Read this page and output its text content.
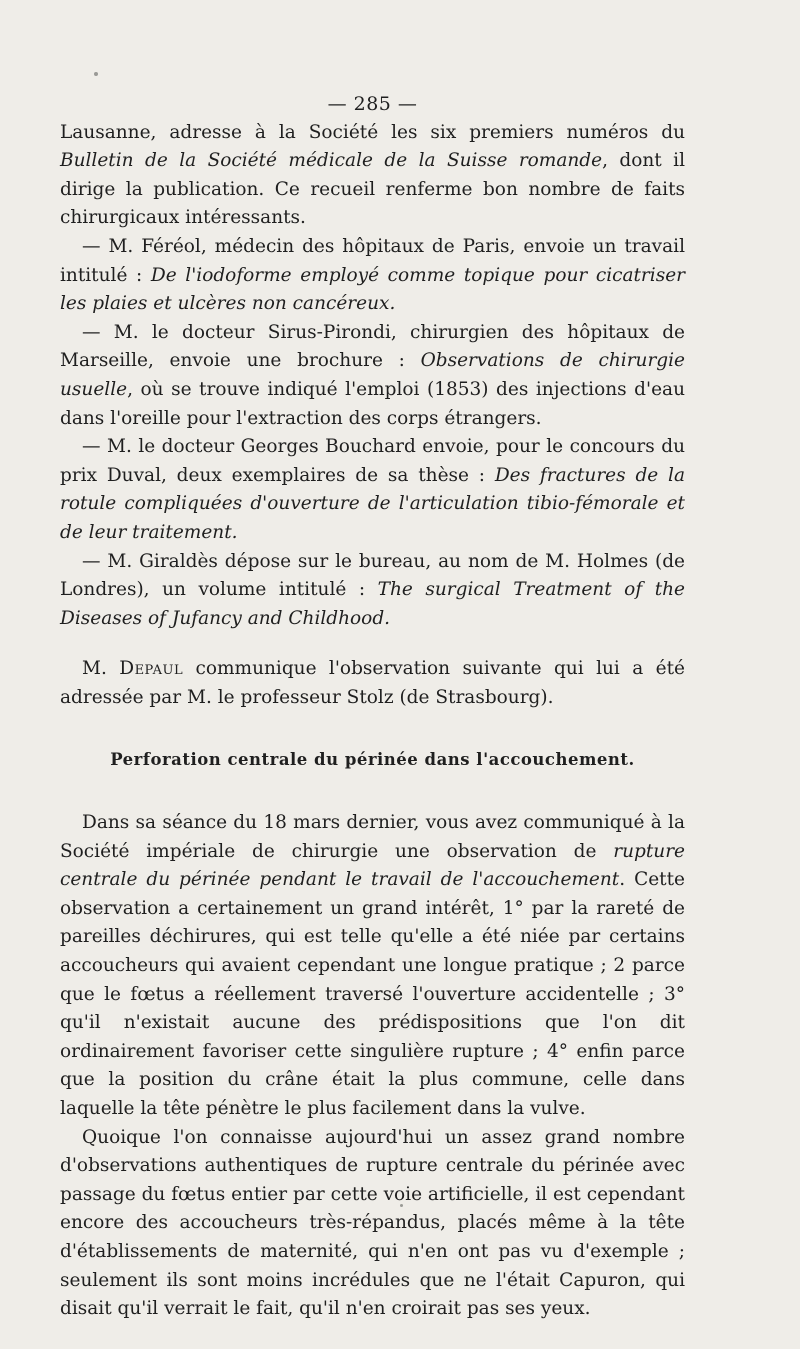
— 285 —

Lausanne, adresse à la Société les six premiers numéros du Bulletin de la Société médicale de la Suisse romande, dont il dirige la publication. Ce recueil renferme bon nombre de faits chirurgicaux intéressants.

— M. Féréol, médecin des hôpitaux de Paris, envoie un travail intitulé : De l'iodoforme employé comme topique pour cicatriser les plaies et ulcères non cancéreux.

— M. le docteur Sirus-Pirondi, chirurgien des hôpitaux de Marseille, envoie une brochure : Observations de chirurgie usuelle, où se trouve indiqué l'emploi (1853) des injections d'eau dans l'oreille pour l'extraction des corps étrangers.

— M. le docteur Georges Bouchard envoie, pour le concours du prix Duval, deux exemplaires de sa thèse : Des fractures de la rotule compliquées d'ouverture de l'articulation tibio-fémorale et de leur traitement.

— M. Giraldès dépose sur le bureau, au nom de M. Holmes (de Londres), un volume intitulé : The surgical Treatment of the Diseases of Jufancy and Childhood.

M. Depaul communique l'observation suivante qui lui a été adressée par M. le professeur Stolz (de Strasbourg).

Perforation centrale du périnée dans l'accouchement.

Dans sa séance du 18 mars dernier, vous avez communiqué à la Société impériale de chirurgie une observation de rupture centrale du périnée pendant le travail de l'accouchement. Cette observation a certainement un grand intérêt, 1° par la rareté de pareilles déchirures, qui est telle qu'elle a été niée par certains accoucheurs qui avaient cependant une longue pratique ; 2 parce que le fœtus a réellement traversé l'ouverture accidentelle ; 3° qu'il n'existait aucune des prédispositions que l'on dit ordinairement favoriser cette singulière rupture ; 4° enfin parce que la position du crâne était la plus commune, celle dans laquelle la tête pénètre le plus facilement dans la vulve.

Quoique l'on connaisse aujourd'hui un assez grand nombre d'observations authentiques de rupture centrale du périnée avec passage du fœtus entier par cette voie artificielle, il est cependant encore des accoucheurs très-répandus, placés même à la tête d'établissements de maternité, qui n'en ont pas vu d'exemple ; seulement ils sont moins incrédules que ne l'était Capuron, qui disait qu'il verrait le fait, qu'il n'en croirait pas ses yeux.
